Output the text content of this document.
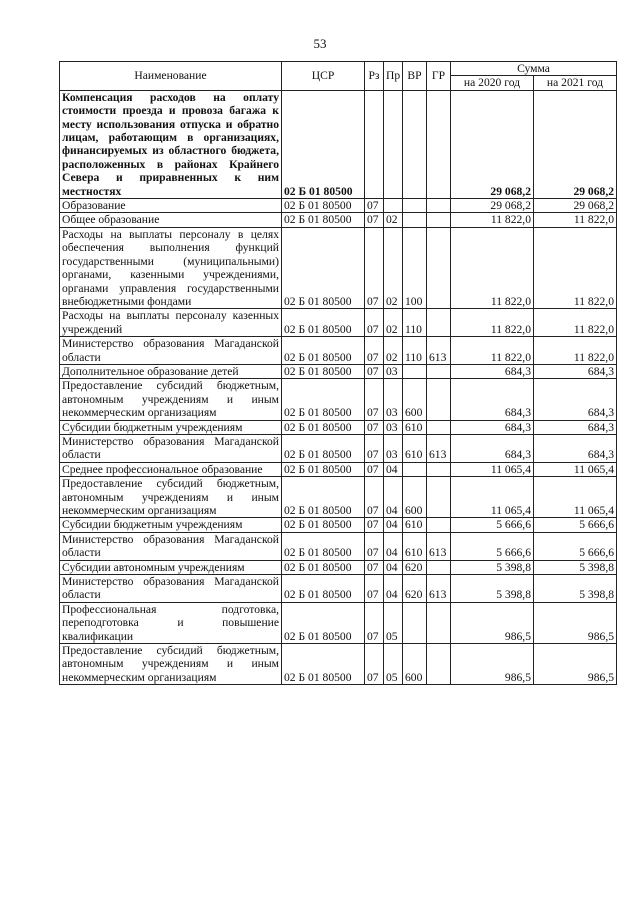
53
Наименование	ЦСР	Рз	Пр	ВР	ГР	Сумма	
						на 2020 год	на 2021 год
Компенсация расходов на оплату стоимости проезда и провоза багажа к месту использования отпуска и обратно лицам, работающим в организациях, финансируемых из областного бюджета, расположенных в районах Крайнего Севера и приравненных к ним местностях	02 Б 01 80500					29 068,2	29 068,2
Образование	02 Б 01 80500	07				29 068,2	29 068,2
Общее образование	02 Б 01 80500	07	02			11 822,0	11 822,0
Расходы на выплаты персоналу в целях обеспечения выполнения функций государственными (муниципальными) органами, казенными учреждениями, органами управления государственными внебюджетными фондами	02 Б 01 80500	07	02	100		11 822,0	11 822,0
Расходы на выплаты персоналу казенных учреждений	02 Б 01 80500	07	02	110		11 822,0	11 822,0
Министерство образования Магаданской области	02 Б 01 80500	07	02	110	613	11 822,0	11 822,0
Дополнительное образование детей	02 Б 01 80500	07	03			684,3	684,3
Предоставление субсидий бюджетным, автономным учреждениям и иным некоммерческим организациям	02 Б 01 80500	07	03	600		684,3	684,3
Субсидии бюджетным учреждениям	02 Б 01 80500	07	03	610		684,3	684,3
Министерство образования Магаданской области	02 Б 01 80500	07	03	610	613	684,3	684,3
Среднее профессиональное образование	02 Б 01 80500	07	04			11 065,4	11 065,4
Предоставление субсидий бюджетным, автономным учреждениям и иным некоммерческим организациям	02 Б 01 80500	07	04	600		11 065,4	11 065,4
Субсидии бюджетным учреждениям	02 Б 01 80500	07	04	610		5 666,6	5 666,6
Министерство образования Магаданской области	02 Б 01 80500	07	04	610	613	5 666,6	5 666,6
Субсидии автономным учреждениям	02 Б 01 80500	07	04	620		5 398,8	5 398,8
Министерство образования Магаданской области	02 Б 01 80500	07	04	620	613	5 398,8	5 398,8
Профессиональная подготовка, переподготовка и повышение квалификации	02 Б 01 80500	07	05			986,5	986,5
Предоставление субсидий бюджетным, автономным учреждениям и иным некоммерческим организациям	02 Б 01 80500	07	05	600		986,5	986,5
